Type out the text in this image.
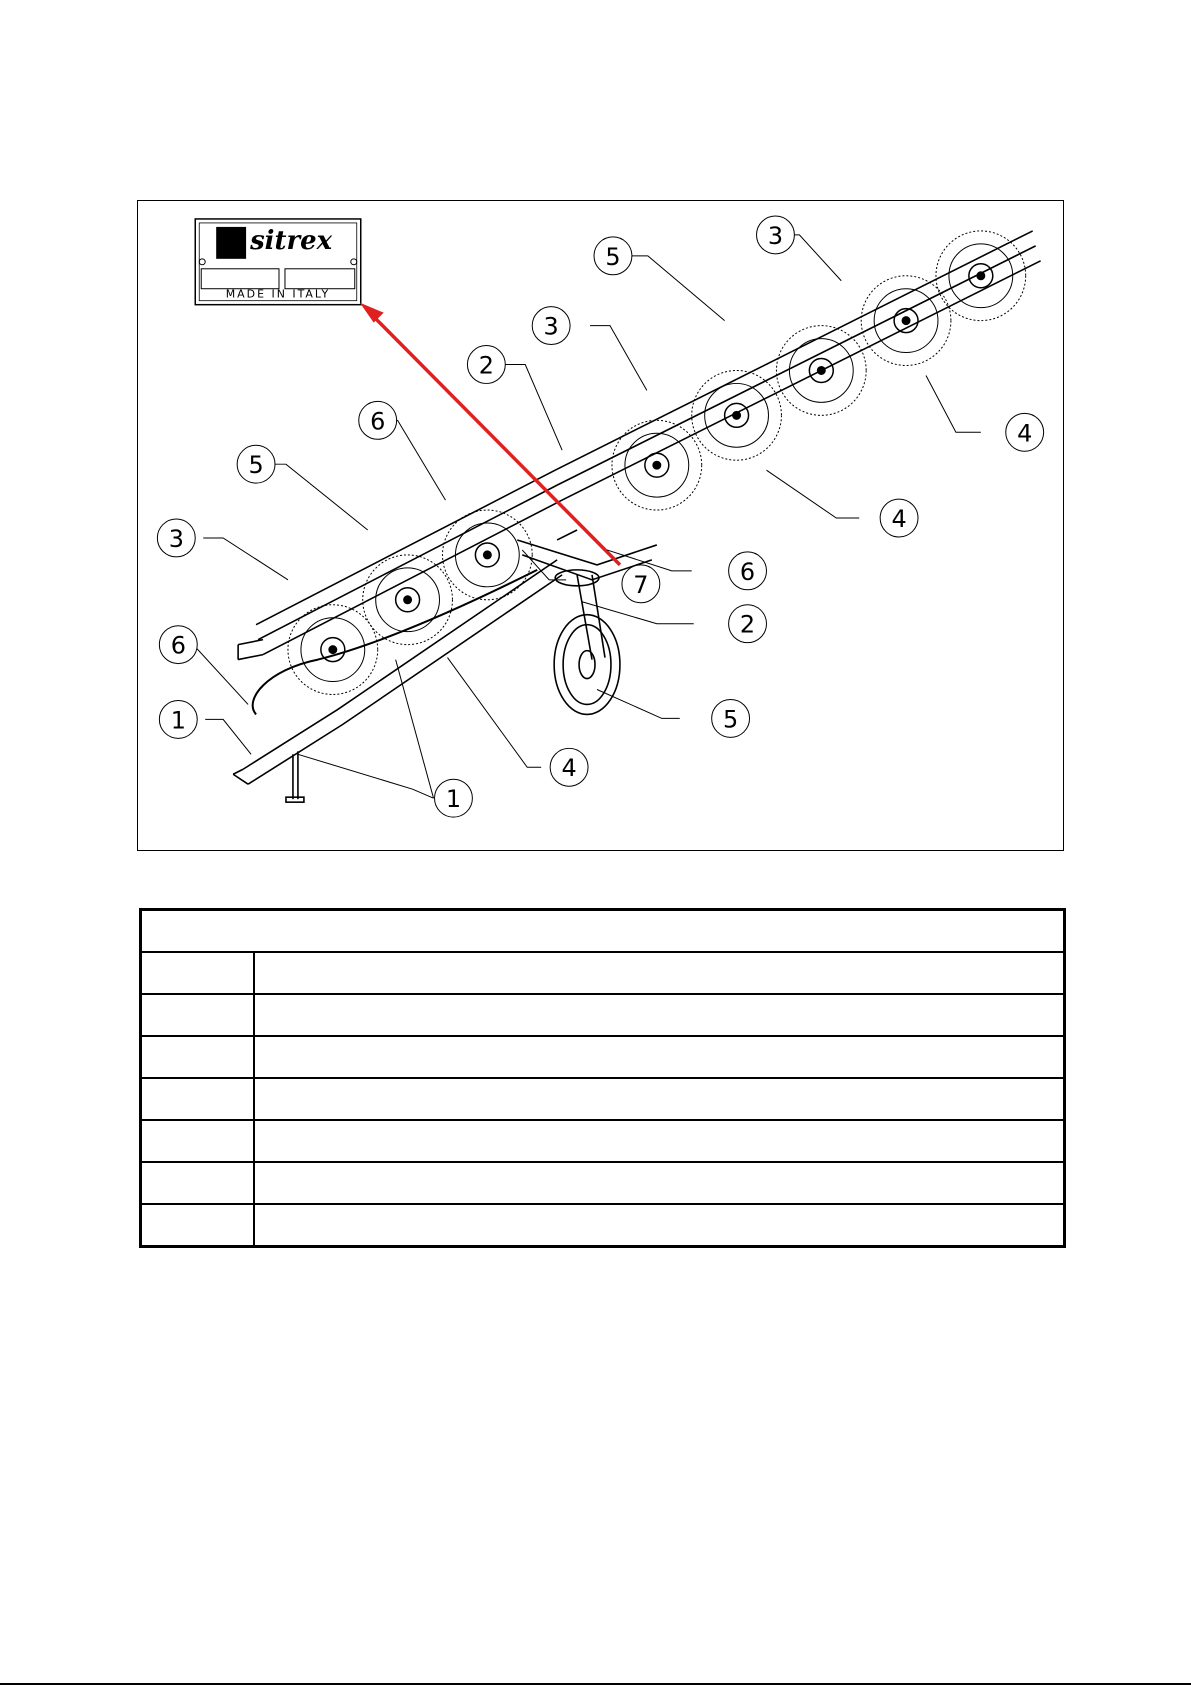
sitrex
MADE IN ITALY
1
1
2
2
3
3
3
4
4
4
5
5
5
6
6
6
7
